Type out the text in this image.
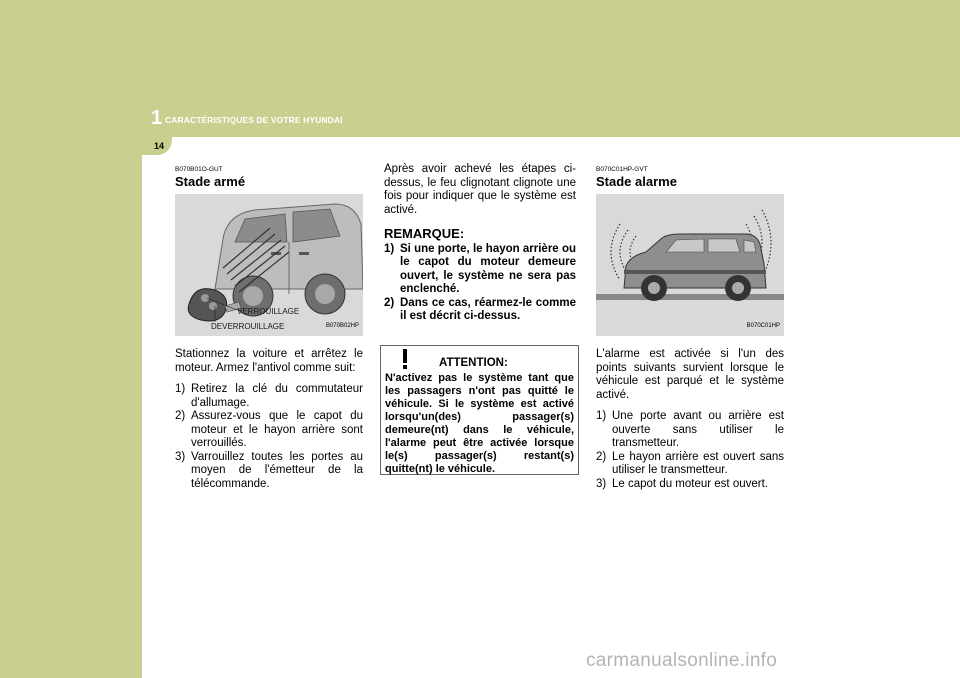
1 CARACTÉRISTIQUES DE VOTRE HYUNDAI
14
B070B01O-GUT
Stade armé
VERROUILLAGE
DEVERROUILLAGE	B070B02HP
Stationnez la voiture et arrêtez le moteur. Armez l'antivol comme suit:
1) Retirez la clé du commutateur d'allumage.
2) Assurez-vous que le capot du moteur et le hayon arrière sont verrouillés.
3) Varrouillez toutes les portes au moyen de l'émetteur de la télécommande.
Après avoir achevé les étapes ci-dessus, le feu clignotant clignote une fois pour indiquer que le système est activé.
REMARQUE:
1) Si une porte, le hayon arrière ou le capot du moteur demeure ouvert, le système ne sera pas enclenché.
2) Dans ce cas, réarmez-le comme il est décrit ci-dessus.
ATTENTION:
N'activez pas le système tant que les passagers n'ont pas quitté le véhicule. Si le système est activé lorsqu'un(des) passager(s) demeure(nt) dans le véhicule, l'alarme peut être activée lorsque le(s) passager(s) restant(s) quitte(nt) le véhicule.
B070C01HP-GVT
Stade alarme
B070C01HP
L'alarme est activée si l'un des points suivants survient lorsque le véhicule est parqué et le système activé.
1) Une porte avant ou arrière est ouverte sans utiliser le transmetteur.
2) Le hayon arrière est ouvert sans utiliser le transmetteur.
3) Le capot du moteur est ouvert.
carmanualsonline.info
